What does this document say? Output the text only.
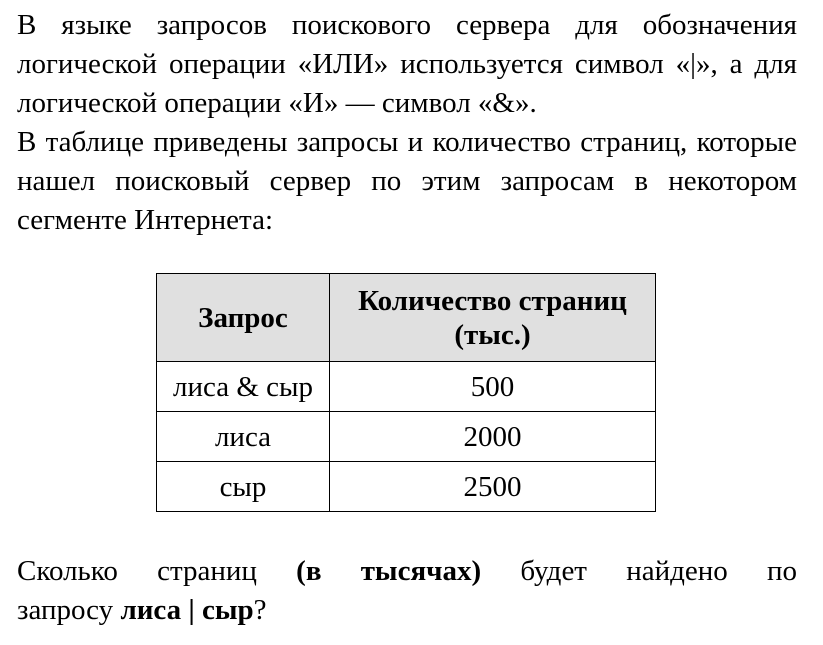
В языке запросов поискового сервера для обозначения логической операции «ИЛИ» используется символ «|», а для логической операции «И» — символ «&».

В таблице приведены запросы и количество страниц, которые нашел поисковый сервер по этим запросам в некотором сегменте Интернета:

Запрос	Количество страниц
(тыс.)
лиса & сыр	500
лиса	2000
сыр	2500
Сколько страниц (в тысячах) будет найдено по
запросу лиса | сыр?
